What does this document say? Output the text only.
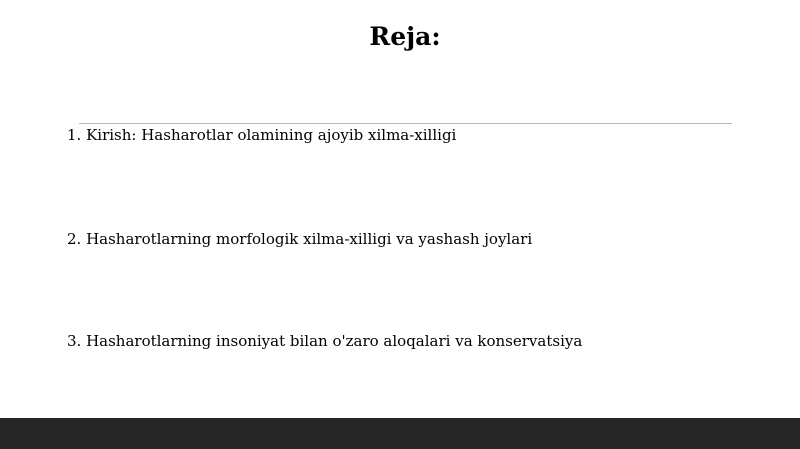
Reja:

1. Kirish: Hasharotlar olamining ajoyib xilma-xilligi

2. Hasharotlarning morfologik xilma-xilligi va yashash joylari

3. Hasharotlarning insoniyat bilan o'zaro aloqalari va konservatsiya
